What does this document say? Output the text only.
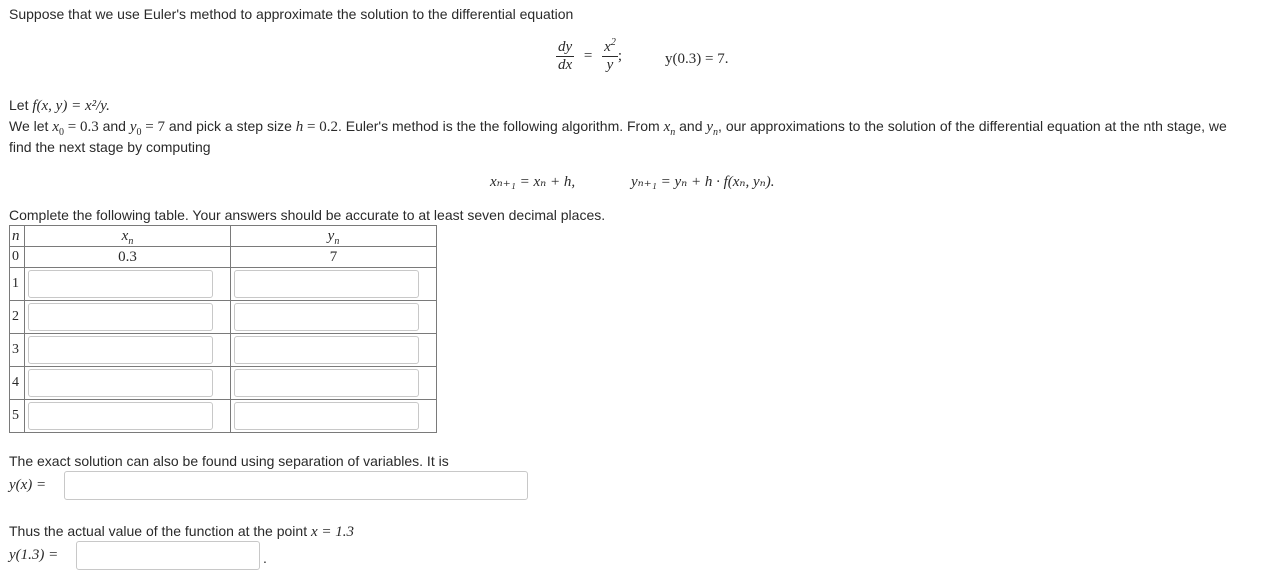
Suppose that we use Euler's method to approximate the solution to the differential equation
$\frac{dy}{dx} = \frac{x^2}{y}$ ;	y(0.3) = 7.
Let f(x, y) = x²/y.
We let $x_0 = 0.3$ and $y_0 = 7$ and pick a step size h = 0.2. Euler's method is the the following algorithm. From $x_n$ and $y_n$, our approximations to the solution of the differential equation at the nth stage, we
find the next stage by computing
xₙ₊₁ = xₙ + h,	yₙ₊₁ = yₙ + h · f(xₙ, yₙ).
Complete the following table. Your answers should be accurate to at least seven decimal places.
n	$x_n$	$y_n$
0	0.3	7
1	

2	

3	

4	

5	

The exact solution can also be found using separation of variables. It is
y(x) =
Thus the actual value of the function at the point x = 1.3
y(1.3) =	.
